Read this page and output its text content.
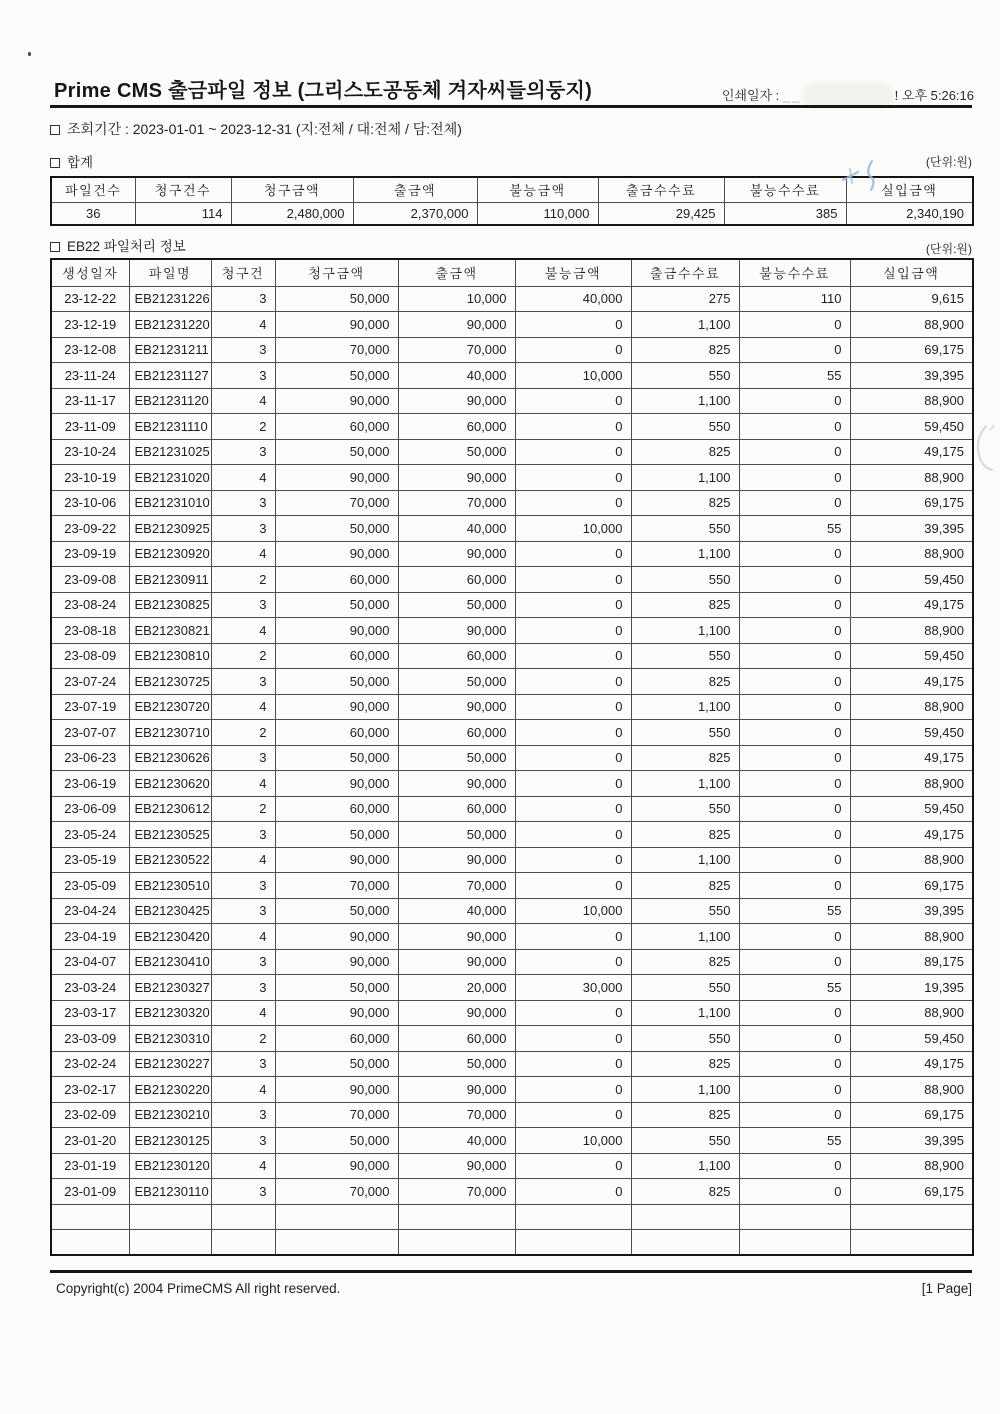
Prime CMS 출금파일 정보 (그리스도공동체 겨자씨들의둥지)	인쇄일자 : __	! 오후 5:26:16
조회기간 : 2023-01-01 ~ 2023-12-31 (지:전체 / 대:전체 / 담:전체)
합계	(단위:원)
파일건수	청구건수	청구금액	출금액	불능금액	출금수수료	불능수수료	실입금액
36	114	2,480,000	2,370,000	110,000	29,425	385	2,340,190
EB22 파일처리 정보	(단위:원)
생성일자	파일명	청구건	청구금액	출금액	불능금액	출금수수료	불능수수료	실입금액
23-12-22	EB21231226	3	50,000	10,000	40,000	275	110	9,615
23-12-19	EB21231220	4	90,000	90,000	0	1,100	0	88,900
23-12-08	EB21231211	3	70,000	70,000	0	825	0	69,175
23-11-24	EB21231127	3	50,000	40,000	10,000	550	55	39,395
23-11-17	EB21231120	4	90,000	90,000	0	1,100	0	88,900
23-11-09	EB21231110	2	60,000	60,000	0	550	0	59,450
23-10-24	EB21231025	3	50,000	50,000	0	825	0	49,175
23-10-19	EB21231020	4	90,000	90,000	0	1,100	0	88,900
23-10-06	EB21231010	3	70,000	70,000	0	825	0	69,175
23-09-22	EB21230925	3	50,000	40,000	10,000	550	55	39,395
23-09-19	EB21230920	4	90,000	90,000	0	1,100	0	88,900
23-09-08	EB21230911	2	60,000	60,000	0	550	0	59,450
23-08-24	EB21230825	3	50,000	50,000	0	825	0	49,175
23-08-18	EB21230821	4	90,000	90,000	0	1,100	0	88,900
23-08-09	EB21230810	2	60,000	60,000	0	550	0	59,450
23-07-24	EB21230725	3	50,000	50,000	0	825	0	49,175
23-07-19	EB21230720	4	90,000	90,000	0	1,100	0	88,900
23-07-07	EB21230710	2	60,000	60,000	0	550	0	59,450
23-06-23	EB21230626	3	50,000	50,000	0	825	0	49,175
23-06-19	EB21230620	4	90,000	90,000	0	1,100	0	88,900
23-06-09	EB21230612	2	60,000	60,000	0	550	0	59,450
23-05-24	EB21230525	3	50,000	50,000	0	825	0	49,175
23-05-19	EB21230522	4	90,000	90,000	0	1,100	0	88,900
23-05-09	EB21230510	3	70,000	70,000	0	825	0	69,175
23-04-24	EB21230425	3	50,000	40,000	10,000	550	55	39,395
23-04-19	EB21230420	4	90,000	90,000	0	1,100	0	88,900
23-04-07	EB21230410	3	90,000	90,000	0	825	0	89,175
23-03-24	EB21230327	3	50,000	20,000	30,000	550	55	19,395
23-03-17	EB21230320	4	90,000	90,000	0	1,100	0	88,900
23-03-09	EB21230310	2	60,000	60,000	0	550	0	59,450
23-02-24	EB21230227	3	50,000	50,000	0	825	0	49,175
23-02-17	EB21230220	4	90,000	90,000	0	1,100	0	88,900
23-02-09	EB21230210	3	70,000	70,000	0	825	0	69,175
23-01-20	EB21230125	3	50,000	40,000	10,000	550	55	39,395
23-01-19	EB21230120	4	90,000	90,000	0	1,100	0	88,900
23-01-09	EB21230110	3	70,000	70,000	0	825	0	69,175

Copyright(c) 2004 PrimeCMS All right reserved.	[1 Page]
